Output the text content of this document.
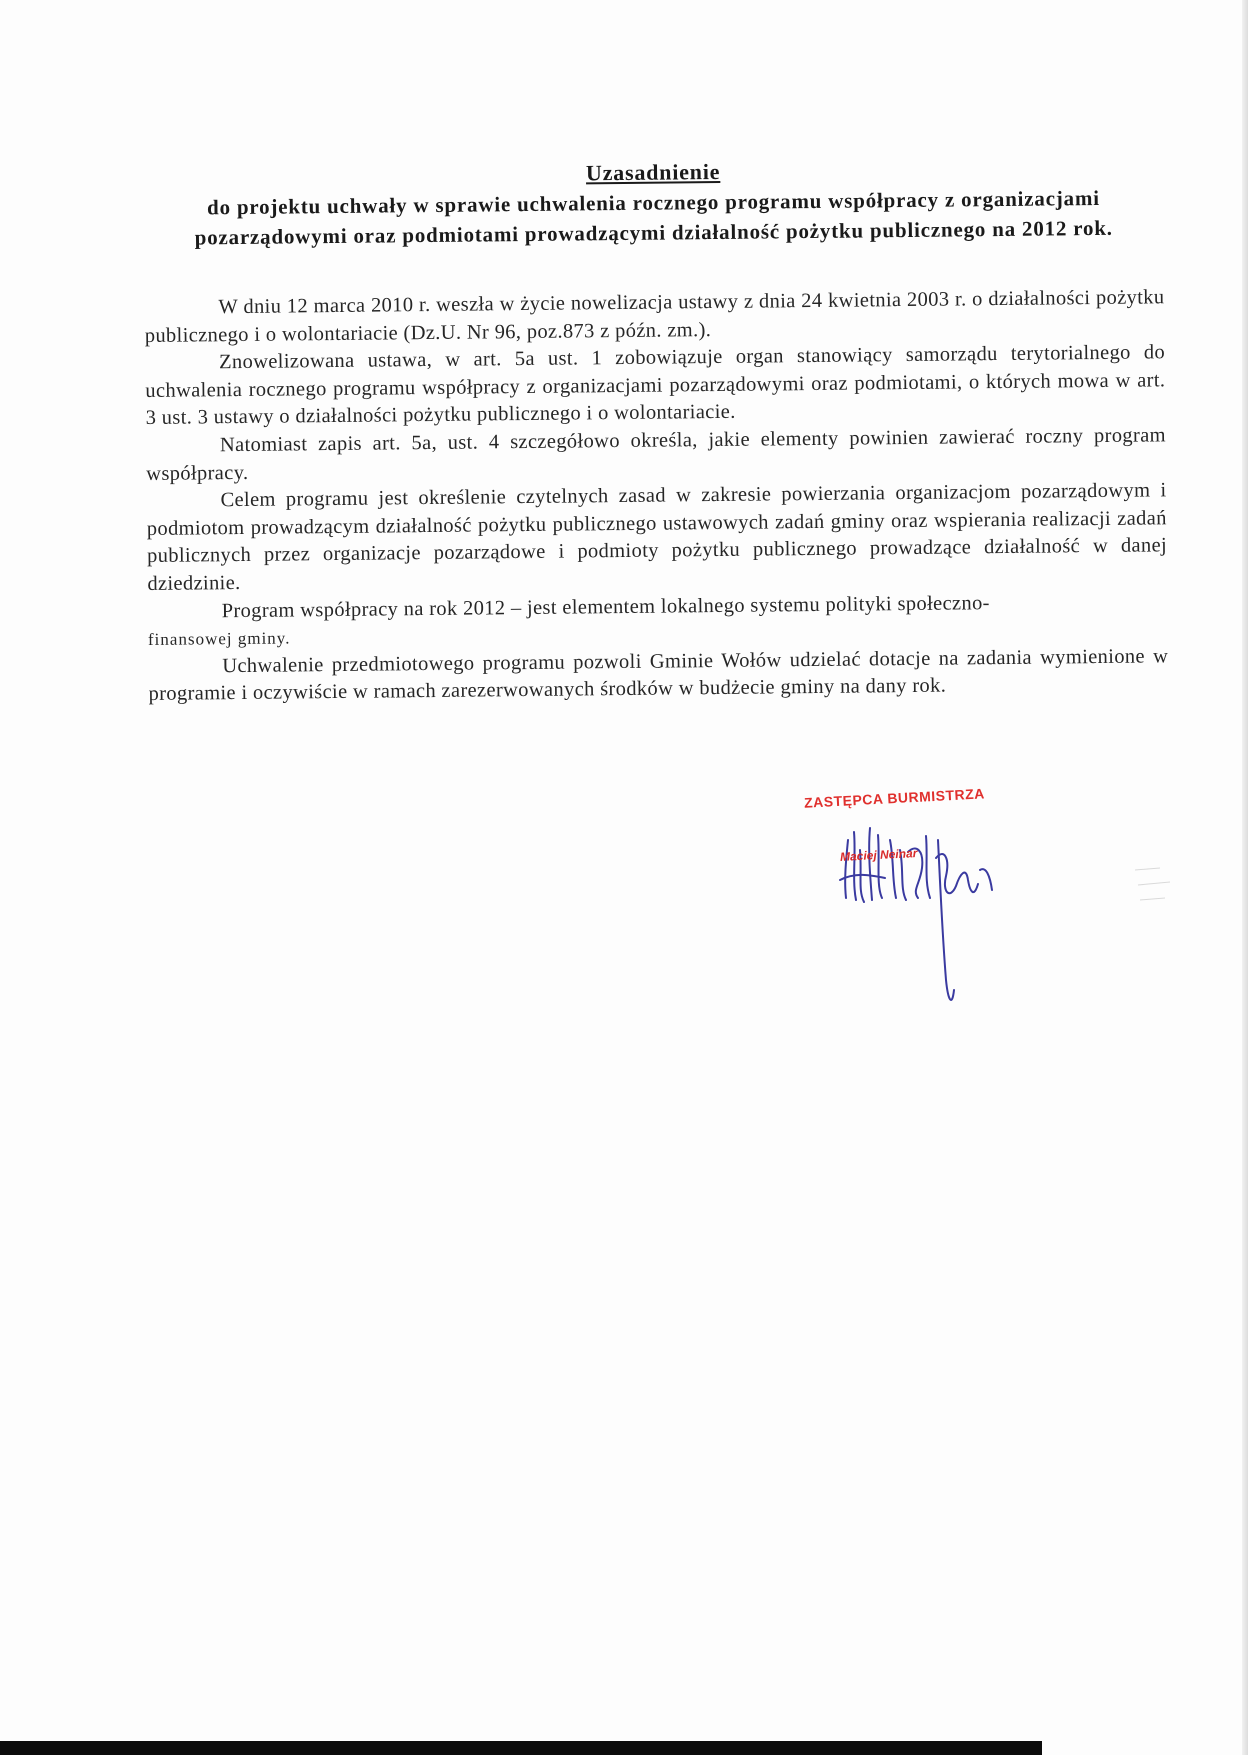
Uzasadnienie
do projektu uchwały w sprawie uchwalenia rocznego programu współpracy z organizacjami
pozarządowymi oraz podmiotami prowadzącymi działalność pożytku publicznego na 2012 rok.

W dniu 12 marca 2010 r. weszła w życie nowelizacja ustawy z dnia 24 kwietnia 2003 r. o działalności pożytku publicznego i o wolontariacie (Dz.U. Nr 96, poz.873 z późn. zm.).

Znowelizowana ustawa, w art. 5a ust. 1 zobowiązuje organ stanowiący samorządu terytorialnego do uchwalenia rocznego programu współpracy z organizacjami pozarządowymi oraz podmiotami, o których mowa w art. 3 ust. 3 ustawy o działalności pożytku publicznego i o wolontariacie.

Natomiast zapis art. 5a, ust. 4 szczegółowo określa, jakie elementy powinien zawierać roczny program współpracy.

Celem programu jest określenie czytelnych zasad w zakresie powierzania organizacjom pozarządowym i podmiotom prowadzącym działalność pożytku publicznego ustawowych zadań gminy oraz wspierania realizacji zadań publicznych przez organizacje pozarządowe i podmioty pożytku publicznego prowadzące działalność w danej dziedzinie.

Program współpracy na rok 2012 – jest elementem lokalnego systemu polityki społeczno-
finansowej gminy.

Uchwalenie przedmiotowego programu pozwoli Gminie Wołów udzielać dotacje na zadania wymienione w programie i oczywiście w ramach zarezerwowanych środków w budżecie gminy na dany rok.

ZASTĘPCA BURMISTRZA
Maciej Neinar
